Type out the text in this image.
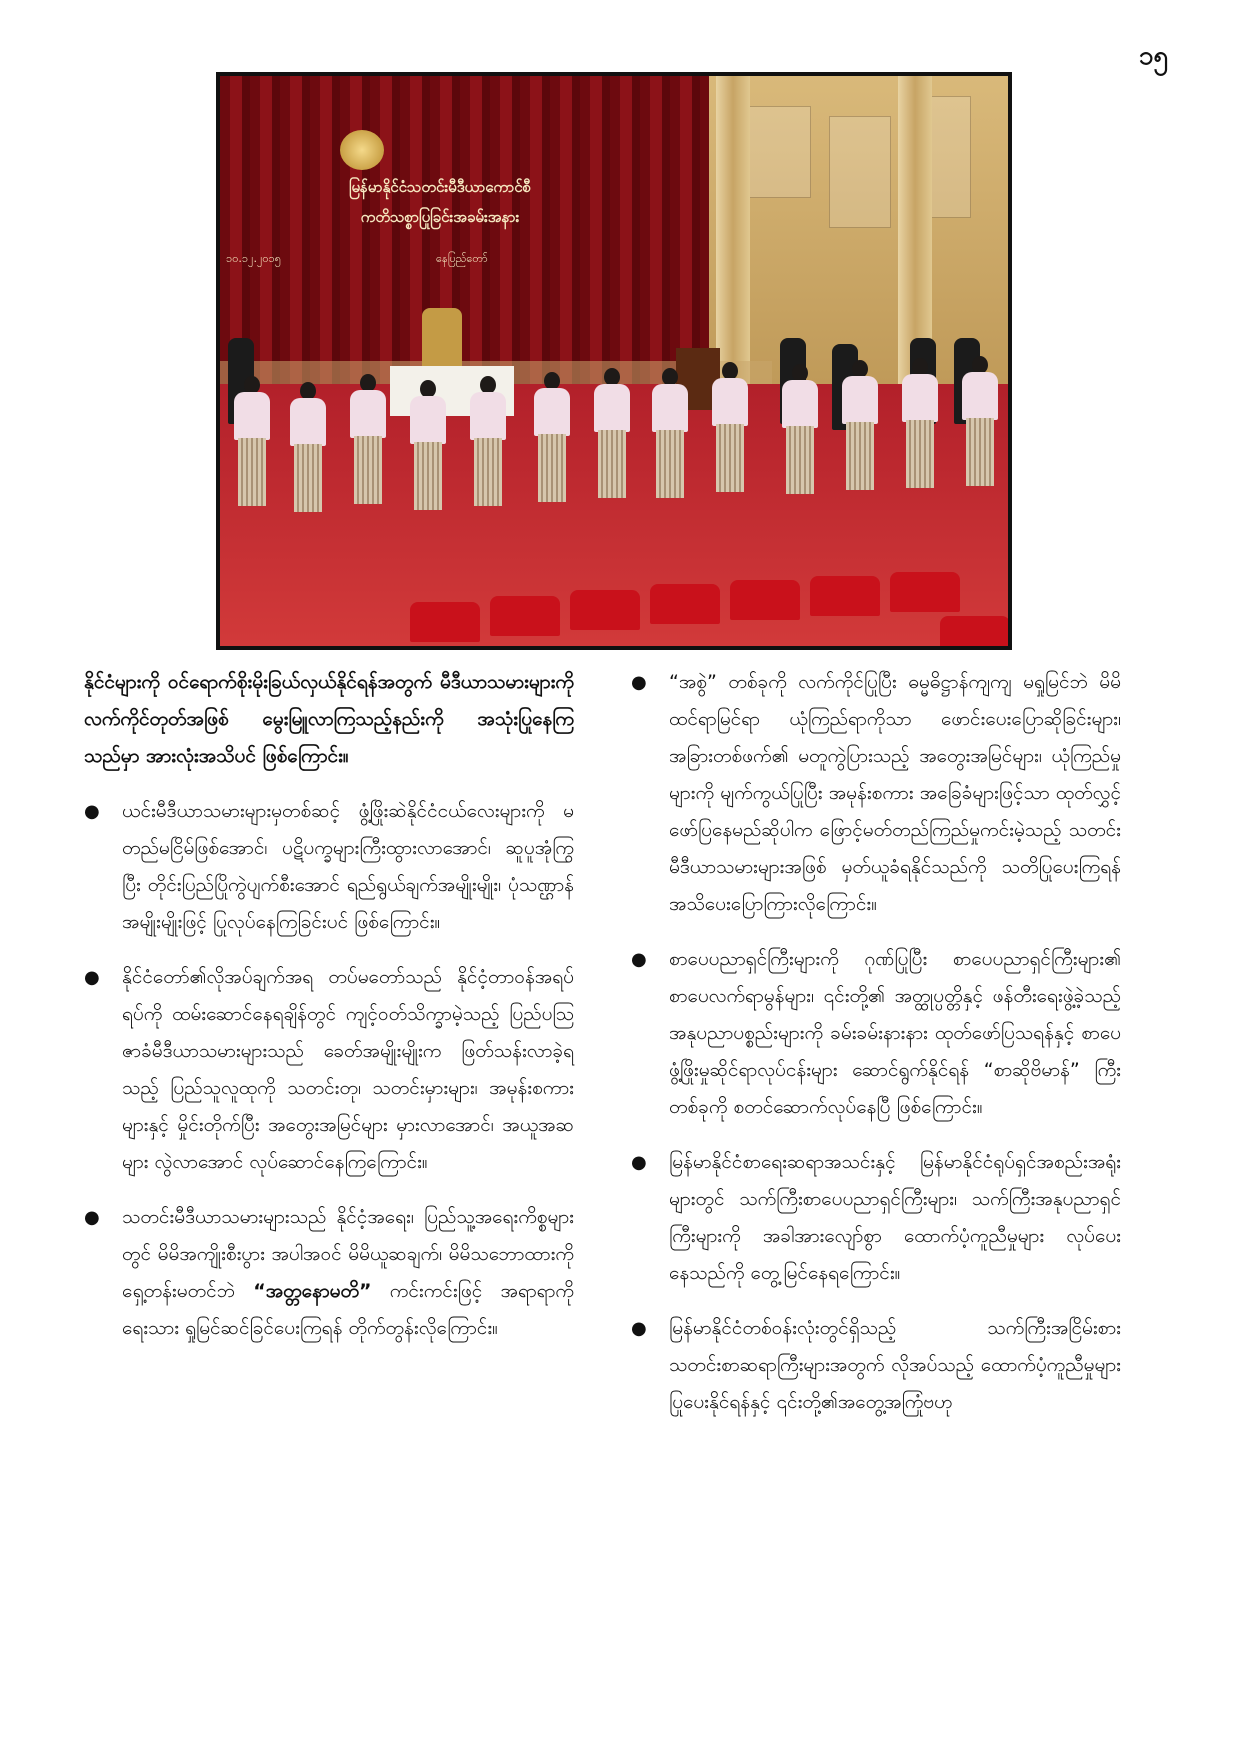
၁၅
မြန်မာနိုင်ငံသတင်းမီဒီယာကောင်စီ
ကတိသစ္စာပြုခြင်းအခမ်းအနား
၁၀.၁၂.၂၀၁၅	နေပြည်တော်

နိုင်ငံများကို ဝင်ရောက်စိုးမိုးခြယ်လှယ်နိုင်ရန်အတွက် မီဒီယာသမားများကို လက်ကိုင်တုတ်အဖြစ် မွေးမြူလာကြသည့်နည်းကို အသုံးပြုနေကြသည်မှာ အားလုံးအသိပင် ဖြစ်ကြောင်း။

● ယင်းမီဒီယာသမားများမှတစ်ဆင့် ဖွံ့ဖြိုးဆဲနိုင်ငံငယ်လေးများကို မတည်မငြိမ်ဖြစ်အောင်၊ ပဋိပက္ခများကြီးထွားလာအောင်၊ ဆူပူအုံကြွပြီး တိုင်းပြည်ပြိုကွဲပျက်စီးအောင် ရည်ရွယ်ချက်အမျိုးမျိုး၊ ပုံသဏ္ဌာန်အမျိုးမျိုးဖြင့် ပြုလုပ်နေကြခြင်းပင် ဖြစ်ကြောင်း။
● နိုင်ငံတော်၏လိုအပ်ချက်အရ တပ်မတော်သည် နိုင်ငံ့တာဝန်အရပ်ရပ်ကို ထမ်းဆောင်နေရချိန်တွင် ကျင့်ဝတ်သိက္ခာမဲ့သည့် ပြည်ပသြဇာခံမီဒီယာသမားများသည် ခေတ်အမျိုးမျိုးက ဖြတ်သန်းလာခဲ့ရသည့် ပြည်သူလူထုကို သတင်းတု၊ သတင်းမှားများ၊ အမုန်းစကားများနှင့် မှိုင်းတိုက်ပြီး အတွေးအမြင်များ မှားလာအောင်၊ အယူအဆများ လွဲလာအောင် လုပ်ဆောင်နေကြကြောင်း။
● သတင်းမီဒီယာသမားများသည် နိုင်ငံ့အရေး၊ ပြည်သူ့အရေးကိစ္စများတွင် မိမိအကျိုးစီးပွား အပါအဝင် မိမိယူဆချက်၊ မိမိသဘောထားကို ရှေ့တန်းမတင်ဘဲ “အတ္တနောမတိ” ကင်းကင်းဖြင့် အရာရာကို ရေးသား ရှုမြင်ဆင်ခြင်ပေးကြရန် တိုက်တွန်းလိုကြောင်း။
● “အစွဲ” တစ်ခုကို လက်ကိုင်ပြုပြီး ဓမ္မဓိဋ္ဌာန်ကျကျ မရှုမြင်ဘဲ မိမိထင်ရာမြင်ရာ ယုံကြည်ရာကိုသာ ဖောင်းပေးပြောဆိုခြင်းများ၊ အခြားတစ်ဖက်၏ မတူကွဲပြားသည့် အတွေးအမြင်များ၊ ယုံကြည်မှုများကို မျက်ကွယ်ပြုပြီး အမုန်းစကား အခြေခံများဖြင့်သာ ထုတ်လွှင့်ဖော်ပြနေမည်ဆိုပါက ဖြောင့်မတ်တည်ကြည်မှုကင်းမဲ့သည့် သတင်းမီဒီယာသမားများအဖြစ် မှတ်ယူခံရနိုင်သည်ကို သတိပြုပေးကြရန် အသိပေးပြောကြားလိုကြောင်း။
● စာပေပညာရှင်ကြီးများကို ဂုဏ်ပြုပြီး စာပေပညာရှင်ကြီးများ၏ စာပေလက်ရာမွန်များ၊ ၎င်းတို့၏ အတ္ထုပ္ပတ္တိနှင့် ဖန်တီးရေးဖွဲ့ခဲ့သည့် အနုပညာပစ္စည်းများကို ခမ်းခမ်းနားနား ထုတ်ဖော်ပြသရန်နှင့် စာပေဖွံ့ဖြိုးမှုဆိုင်ရာလုပ်ငန်းများ ဆောင်ရွက်နိုင်ရန် “စာဆိုဗိမာန်” ကြီးတစ်ခုကို စတင်ဆောက်လုပ်နေပြီ ဖြစ်ကြောင်း။
● မြန်မာနိုင်ငံစာရေးဆရာအသင်းနှင့် မြန်မာနိုင်ငံရုပ်ရှင်အစည်းအရုံးများတွင် သက်ကြီးစာပေပညာရှင်ကြီးများ၊ သက်ကြီးအနုပညာရှင်ကြီးများကို အခါအားလျော်စွာ ထောက်ပံ့ကူညီမှုများ လုပ်ပေးနေသည်ကို တွေ့မြင်နေရကြောင်း။
● မြန်မာနိုင်ငံတစ်ဝန်းလုံးတွင်ရှိသည့် သက်ကြီးအငြိမ်းစားသတင်းစာဆရာကြီးများအတွက် လိုအပ်သည့် ထောက်ပံ့ကူညီမှုများ ပြုပေးနိုင်ရန်နှင့် ၎င်းတို့၏အတွေ့အကြုံဗဟု
